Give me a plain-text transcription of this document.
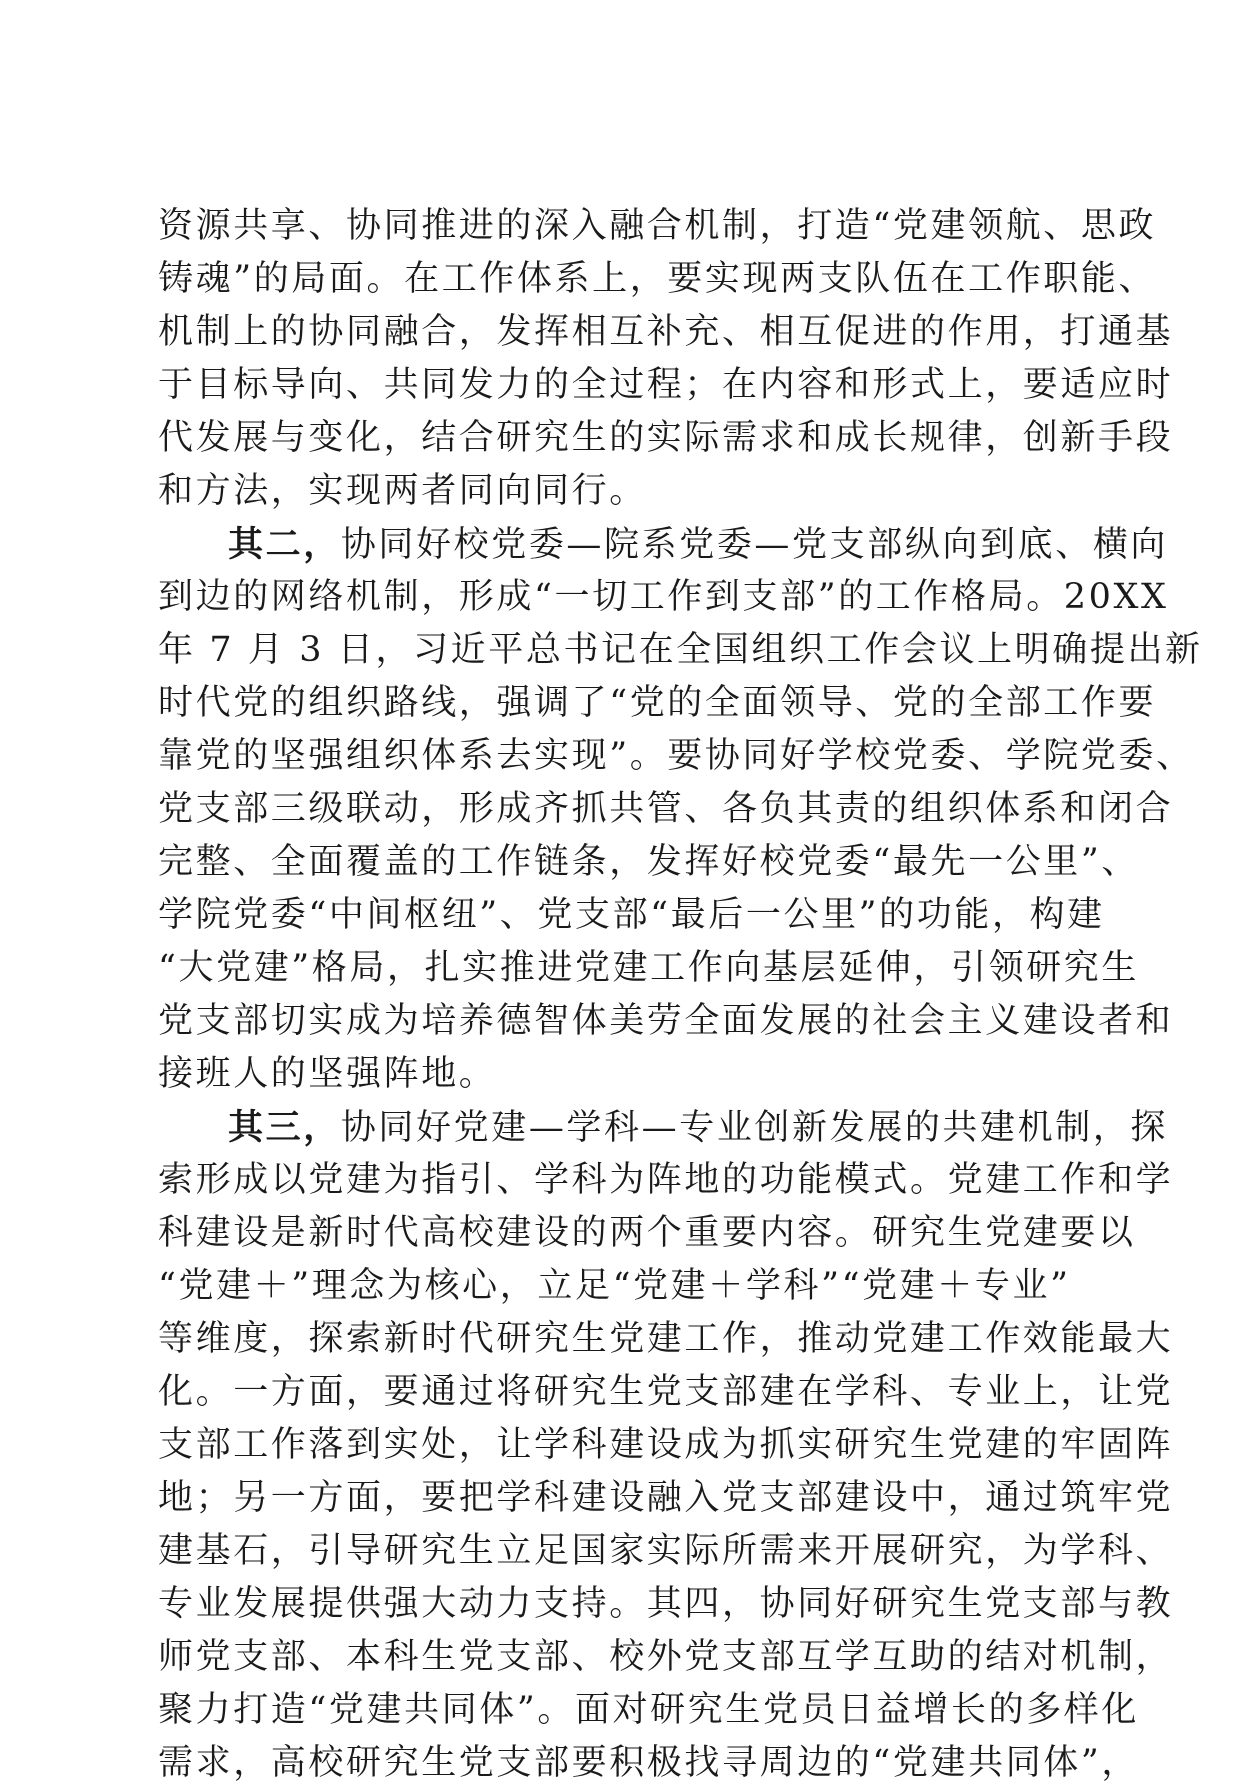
资源共享、协同推进的深入融合机制，打造“党建领航、思政
铸魂”的局面。在工作体系上，要实现两支队伍在工作职能、
机制上的协同融合，发挥相互补充、相互促进的作用，打通基
于目标导向、共同发力的全过程；在内容和形式上，要适应时
代发展与变化，结合研究生的实际需求和成长规律，创新手段
和方法，实现两者同向同行。
其二，协同好校党委—院系党委—党支部纵向到底、横向
到边的网络机制，形成“一切工作到支部”的工作格局。20XX
年 7 月 3 日，习近平总书记在全国组织工作会议上明确提出新
时代党的组织路线，强调了“党的全面领导、党的全部工作要
靠党的坚强组织体系去实现”。要协同好学校党委、学院党委、
党支部三级联动，形成齐抓共管、各负其责的组织体系和闭合
完整、全面覆盖的工作链条，发挥好校党委“最先一公里”、
学院党委“中间枢纽”、党支部“最后一公里”的功能，构建
“大党建”格局，扎实推进党建工作向基层延伸，引领研究生
党支部切实成为培养德智体美劳全面发展的社会主义建设者和
接班人的坚强阵地。
其三，协同好党建—学科—专业创新发展的共建机制，探
索形成以党建为指引、学科为阵地的功能模式。党建工作和学
科建设是新时代高校建设的两个重要内容。研究生党建要以
“党建＋”理念为核心，立足“党建＋学科”“党建＋专业”
等维度，探索新时代研究生党建工作，推动党建工作效能最大
化。一方面，要通过将研究生党支部建在学科、专业上，让党
支部工作落到实处，让学科建设成为抓实研究生党建的牢固阵
地；另一方面，要把学科建设融入党支部建设中，通过筑牢党
建基石，引导研究生立足国家实际所需来开展研究，为学科、
专业发展提供强大动力支持。其四，协同好研究生党支部与教
师党支部、本科生党支部、校外党支部互学互助的结对机制，
聚力打造“党建共同体”。面对研究生党员日益增长的多样化
需求，高校研究生党支部要积极找寻周边的“党建共同体”，
